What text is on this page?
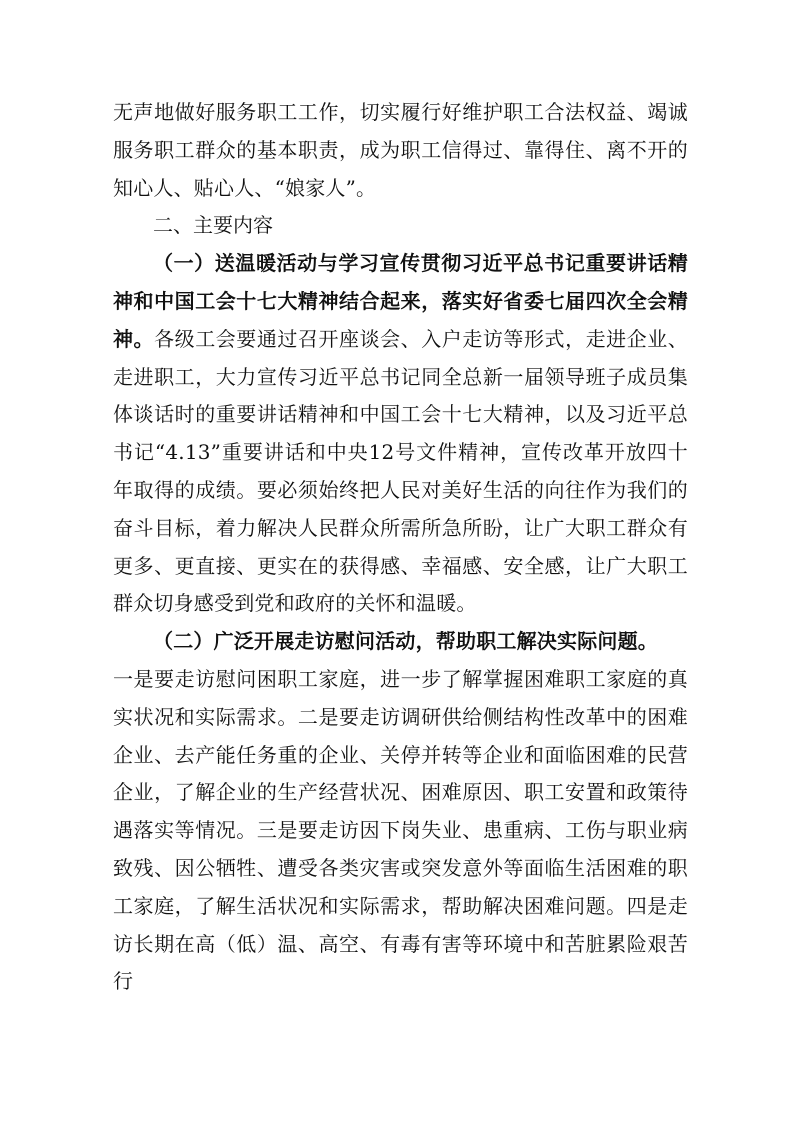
无声地做好服务职工工作，切实履行好维护职工合法权益、竭诚服务职工群众的基本职责，成为职工信得过、靠得住、离不开的知心人、贴心人、“娘家人”。

二、主要内容

（一）送温暖活动与学习宣传贯彻习近平总书记重要讲话精神和中国工会十七大精神结合起来，落实好省委七届四次全会精神。各级工会要通过召开座谈会、入户走访等形式，走进企业、走进职工，大力宣传习近平总书记同全总新一届领导班子成员集体谈话时的重要讲话精神和中国工会十七大精神，以及习近平总书记“4.13”重要讲话和中央12号文件精神，宣传改革开放四十年取得的成绩。要必须始终把人民对美好生活的向往作为我们的奋斗目标，着力解决人民群众所需所急所盼，让广大职工群众有更多、更直接、更实在的获得感、幸福感、安全感，让广大职工群众切身感受到党和政府的关怀和温暖。

（二）广泛开展走访慰问活动，帮助职工解决实际问题。
一是要走访慰问困职工家庭，进一步了解掌握困难职工家庭的真实状况和实际需求。二是要走访调研供给侧结构性改革中的困难企业、去产能任务重的企业、关停并转等企业和面临困难的民营企业，了解企业的生产经营状况、困难原因、职工安置和政策待遇落实等情况。三是要走访因下岗失业、患重病、工伤与职业病致残、因公牺牲、遭受各类灾害或突发意外等面临生活困难的职工家庭，了解生活状况和实际需求，帮助解决困难问题。四是走访长期在高（低）温、高空、有毒有害等环境中和苦脏累险艰苦行
